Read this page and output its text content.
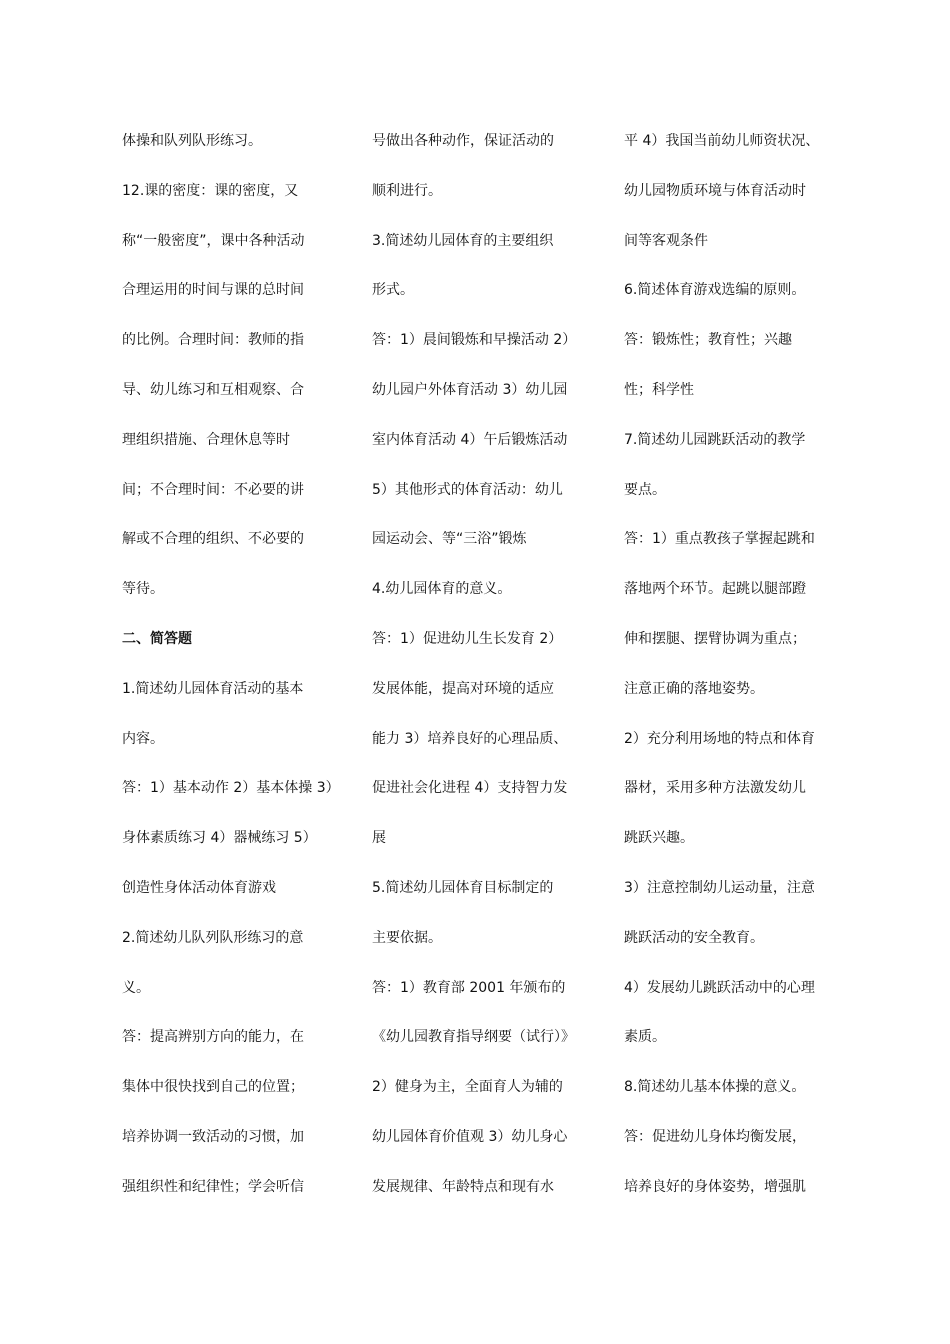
体操和队列队形练习。
12.课的密度：课的密度，又
称“一般密度”，课中各种活动
合理运用的时间与课的总时间
的比例。合理时间：教师的指
导、幼儿练习和互相观察、合
理组织措施、合理休息等时
间；不合理时间：不必要的讲
解或不合理的组织、不必要的
等待。
二、简答题
1.简述幼儿园体育活动的基本
内容。
答：1）基本动作 2）基本体操 3）
身体素质练习 4）器械练习 5）
创造性身体活动体育游戏
2.简述幼儿队列队形练习的意
义。
答：提高辨别方向的能力，在
集体中很快找到自己的位置；
培养协调一致活动的习惯，加
强组织性和纪律性；学会听信
号做出各种动作，保证活动的
顺利进行。
3.简述幼儿园体育的主要组织
形式。
答：1）晨间锻炼和早操活动 2）
幼儿园户外体育活动 3）幼儿园
室内体育活动 4）午后锻炼活动
5）其他形式的体育活动：幼儿
园运动会、等“三浴”锻炼
4.幼儿园体育的意义。
答：1）促进幼儿生长发育 2）
发展体能，提高对环境的适应
能力 3）培养良好的心理品质、
促进社会化进程 4）支持智力发
展
5.简述幼儿园体育目标制定的
主要依据。
答：1）教育部 2001 年颁布的
《幼儿园教育指导纲要（试行）》
2）健身为主，全面育人为辅的
幼儿园体育价值观 3）幼儿身心
发展规律、年龄特点和现有水
平 4）我国当前幼儿师资状况、
幼儿园物质环境与体育活动时
间等客观条件
6.简述体育游戏选编的原则。
答：锻炼性；教育性；兴趣
性；科学性
7.简述幼儿园跳跃活动的教学
要点。
答：1）重点教孩子掌握起跳和
落地两个环节。起跳以腿部蹬
伸和摆腿、摆臂协调为重点；
注意正确的落地姿势。
2）充分利用场地的特点和体育
器材，采用多种方法激发幼儿
跳跃兴趣。
3）注意控制幼儿运动量，注意
跳跃活动的安全教育。
4）发展幼儿跳跃活动中的心理
素质。
8.简述幼儿基本体操的意义。
答：促进幼儿身体均衡发展，
培养良好的身体姿势，增强肌
